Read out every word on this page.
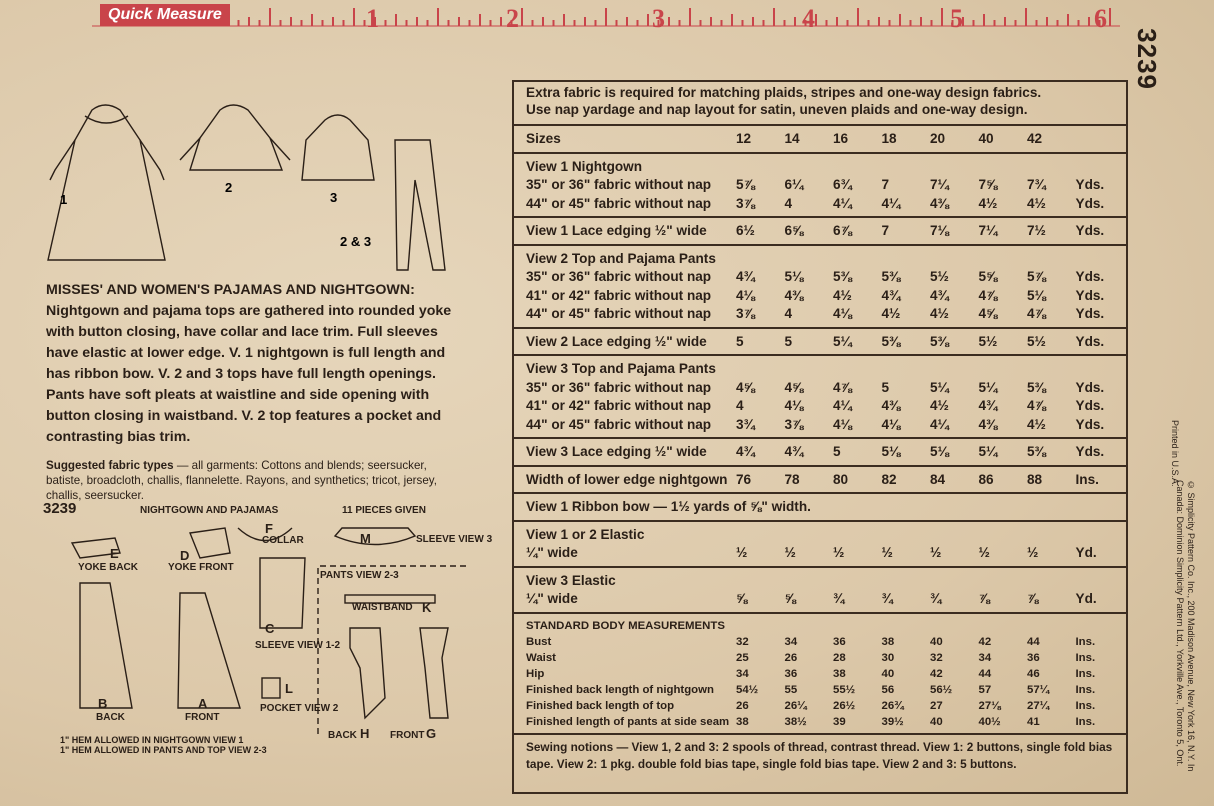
Quick Measure	1	2	3	4	5	6
3239
1
2
3
2 & 3

MISSES' AND WOMEN'S PAJAMAS AND NIGHTGOWN: Nightgown and pajama tops are gathered into rounded yoke with button closing, have collar and lace trim. Full sleeves have elastic at lower edge. V. 1 nightgown is full length and has ribbon bow. V. 2 and 3 tops have full length openings. Pants have soft pleats at waistline and side opening with button closing in waistband. V. 2 top features a pocket and contrasting bias trim.

Suggested fabric types — all garments: Cottons and blends; seersucker, batiste, broadcloth, challis, flannelette. Rayons, and synthetics; tricot, jersey, challis, seersucker.
3239	NIGHTGOWN AND PAJAMAS	11 PIECES GIVEN
E
YOKE BACK
D
YOKE FRONT
F
COLLAR	M	SLEEVE VIEW 3
PANTS VIEW 2-3
WAISTBAND K
C
SLEEVE VIEW 1-2
L
POCKET VIEW 2
B
BACK
A
FRONT
BACK H FRONT G
1" HEM ALLOWED IN NIGHTGOWN VIEW 1
1" HEM ALLOWED IN PANTS AND TOP VIEW 2-3
Extra fabric is required for matching plaids, stripes and one-way design fabrics.
Use nap yardage and nap layout for satin, uneven plaids and one-way design.
Sizes	12	14	16	18	20	40	42
View 1 Nightgown
35" or 36" fabric without nap	5⅞	6¼	6¾	7	7¼	7⅝	7¾	Yds.
44" or 45" fabric without nap	3⅞	4	4¼	4¼	4⅜	4½	4½	Yds.
View 1 Lace edging ½" wide	6½	6⅝	6⅞	7	7⅛	7¼	7½	Yds.
View 2 Top and Pajama Pants
35" or 36" fabric without nap	4¾	5⅛	5⅜	5⅜	5½	5⅝	5⅞	Yds.
41" or 42" fabric without nap	4⅛	4⅜	4½	4¾	4¾	4⅞	5⅛	Yds.
44" or 45" fabric without nap	3⅞	4	4⅛	4½	4½	4⅝	4⅞	Yds.
View 2 Lace edging ½" wide	5	5	5¼	5⅜	5⅜	5½	5½	Yds.
View 3 Top and Pajama Pants
35" or 36" fabric without nap	4⅝	4⅝	4⅞	5	5¼	5¼	5⅜	Yds.
41" or 42" fabric without nap	4	4⅛	4¼	4⅜	4½	4¾	4⅞	Yds.
44" or 45" fabric without nap	3¾	3⅞	4⅛	4⅛	4¼	4⅜	4½	Yds.
View 3 Lace edging ½" wide	4¾	4¾	5	5⅛	5⅛	5¼	5⅜	Yds.
Width of lower edge nightgown 76	78	80	82	84	86	88	Ins.
View 1 Ribbon bow — 1½ yards of ⅝" width.
View 1 or 2 Elastic
¼" wide	½	½	½	½	½	½	½	Yd.
View 3 Elastic
¼" wide	⅝	⅝	¾	¾	¾	⅞	⅞	Yd.
STANDARD BODY MEASUREMENTS
Bust	32	34	36	38	40	42	44	Ins.
Waist	25	26	28	30	32	34	36	Ins.
Hip	34	36	38	40	42	44	46	Ins.
Finished back length of nightgown	54½	55	55½	56	56½	57	57¼	Ins.
Finished back length of top	26	26¼	26½	26¾	27	27⅛	27¼	Ins.
Finished length of pants at side seam 38	38½	39	39½	40	40½	41	Ins.
Sewing notions — View 1, 2 and 3: 2 spools of thread, contrast thread. View 1: 2 buttons, single fold bias tape. View 2: 1 pkg. double fold bias tape, single fold bias tape. View 2 and 3: 5 buttons.	© Simplicity Pattern Co. Inc., 200 Madison Avenue, New York 16, N.Y. In Canada: Dominion Simplicity Pattern Ltd., Yorkville Ave., Toronto 5, Ont.
Printed in U.S.A.
